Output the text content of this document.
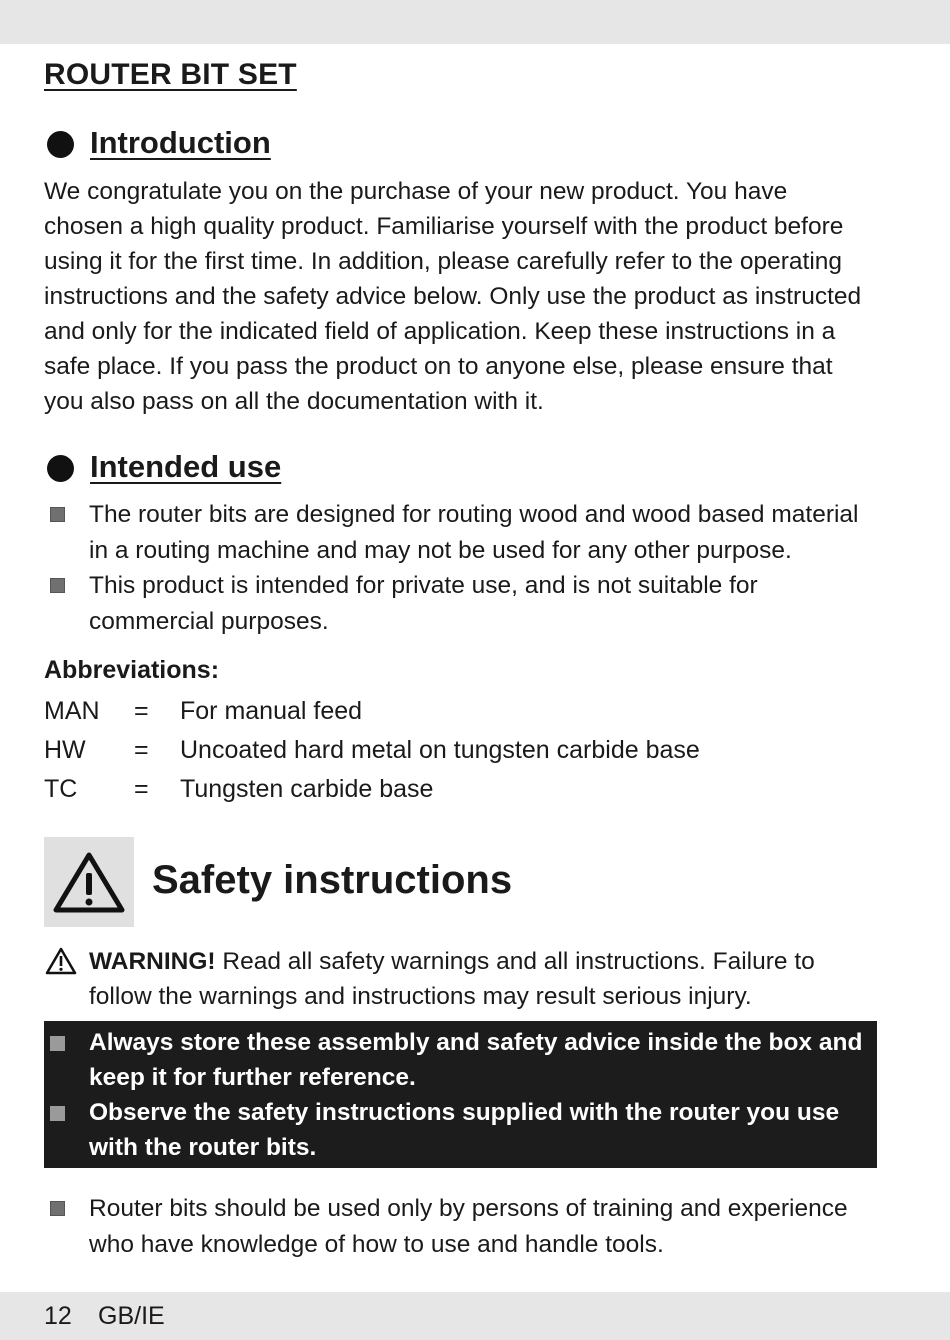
ROUTER BIT SET
Introduction

We congratulate you on the purchase of your new product. You have
chosen a high quality product. Familiarise yourself with the product before
using it for the first time. In addition, please carefully refer to the operating
instructions and the safety advice below. Only use the product as instructed
and only for the indicated field of application. Keep these instructions in a
safe place. If you pass the product on to anyone else, please ensure that
you also pass on all the documentation with it.

Intended use
The router bits are designed for routing wood and wood based material
in a routing machine and may not be used for any other purpose.
This product is intended for private use, and is not suitable for
commercial purposes.
Abbreviations:
MAN = For manual feed
HW = Uncoated hard metal on tungsten carbide base
TC = Tungsten carbide base
Safety instructions
WARNING! Read all safety warnings and all instructions. Failure to
follow the warnings and instructions may result serious injury.
Always store these assembly and safety advice inside the box and
keep it for further reference.
Observe the safety instructions supplied with the router you use
with the router bits.
Router bits should be used only by persons of training and experience
who have knowledge of how to use and handle tools.
12 GB/IE
